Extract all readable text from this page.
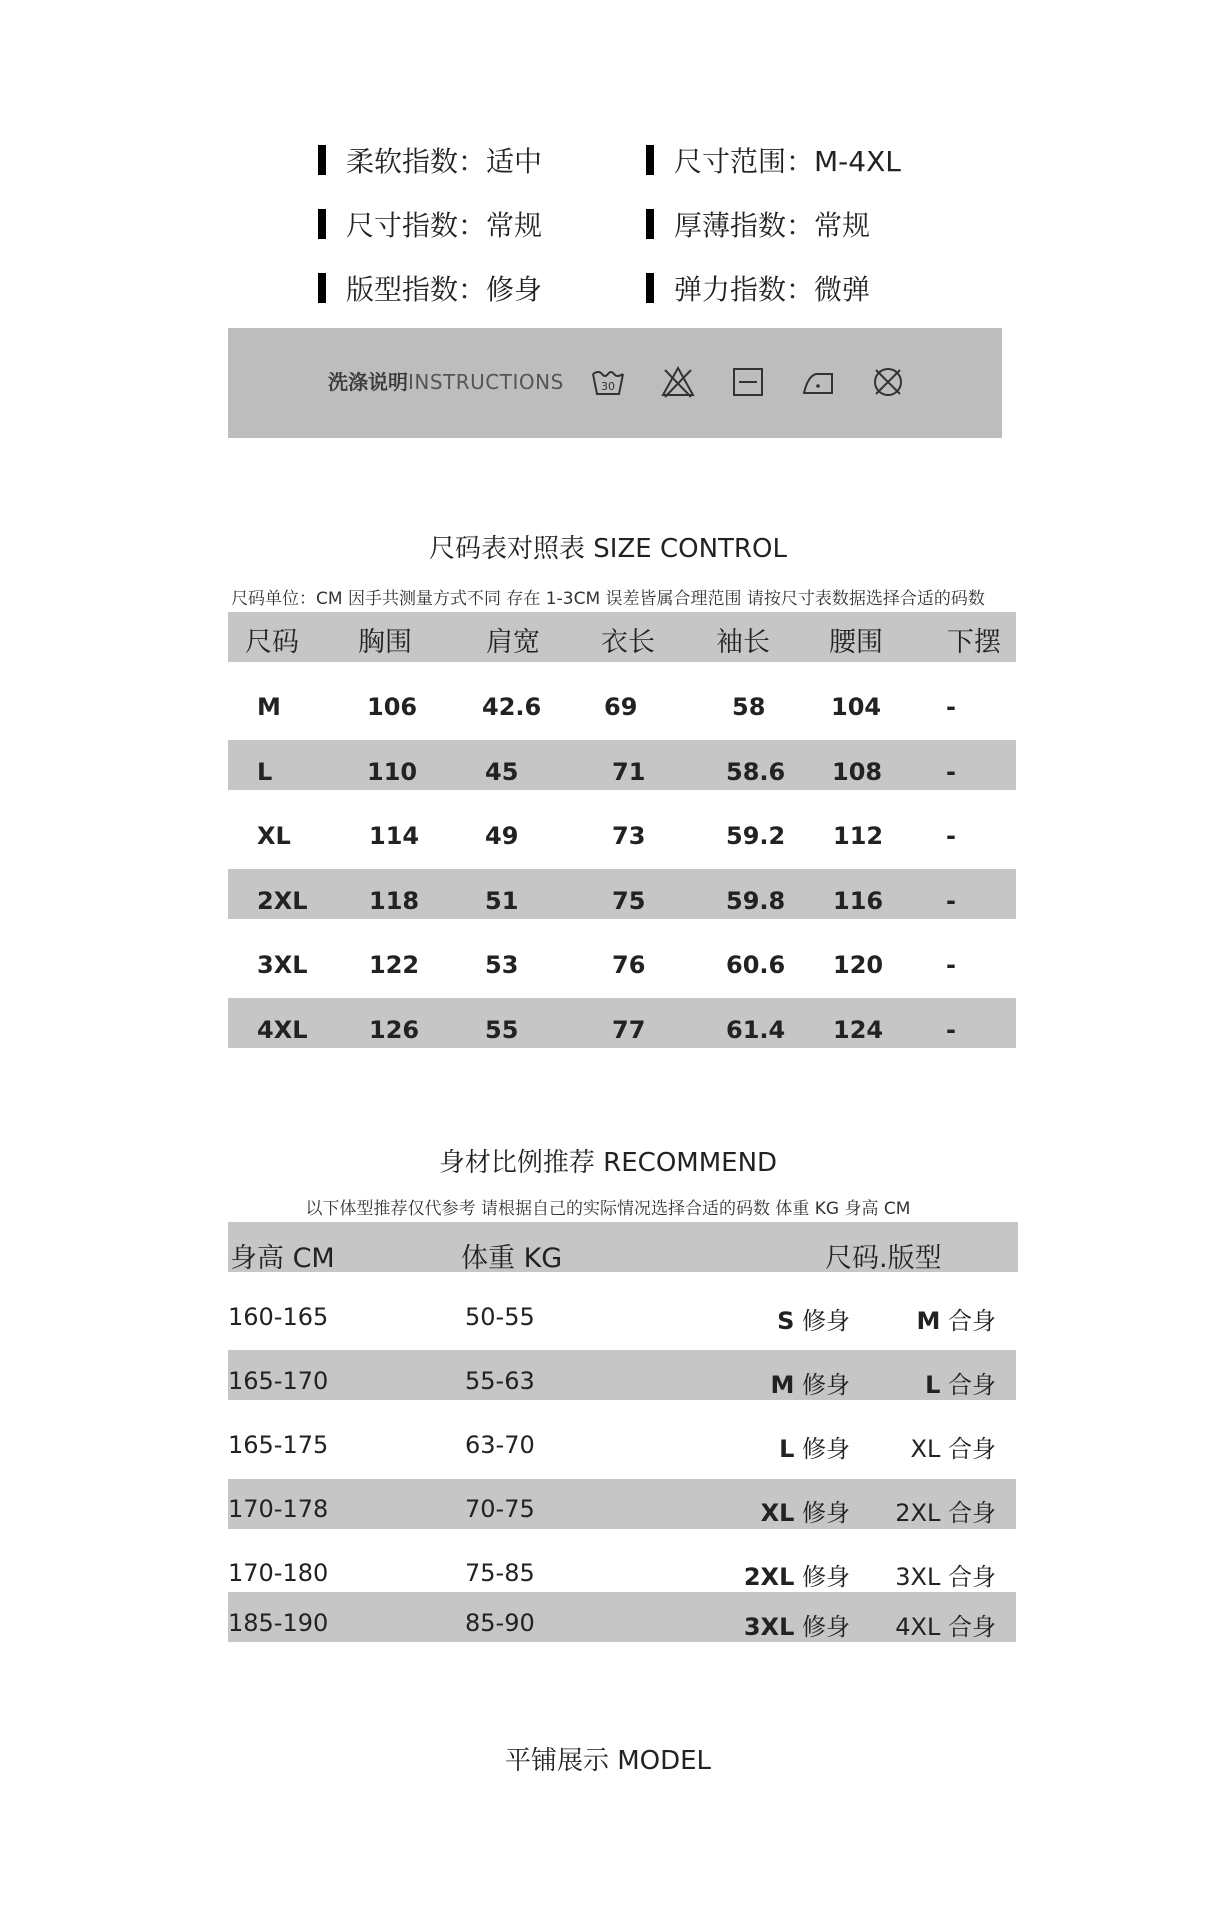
柔软指数：适中	尺寸范围：M-4XL
尺寸指数：常规	厚薄指数：常规
版型指数：修身	弹力指数：微弹
洗涤说明INSTRUCTIONS	30
尺码表对照表 SIZE CONTROL
尺码单位：CM 因手共测量方式不同 存在 1-3CM 误差皆属合理范围 请按尺寸表数据选择合适的码数
尺码 胸围	肩宽 衣长 袖长 腰围 下摆
M	106	42.6	69	58	104	-
L	110	45	71	58.6 108	-
XL	114	49	73	59.2 112	-
2XL	118	51	75	59.8 116	-
3XL	122	53	76	60.6 120	-
4XL	126	55	77	61.4 124	-
身材比例推荐 RECOMMEND
以下体型推荐仅代参考 请根据自己的实际情况选择合适的码数 体重 KG 身高 CM
身高 CM	体重 KG	尺码.版型
160-165	50-55	S 修身	M 合身
165-170	55-63	M 修身	L 合身
165-175	63-70	L 修身	XL 合身
170-178	70-75	XL 修身 2XL 合身
170-180	75-85	2XL 修身 3XL 合身
185-190	85-90	3XL 修身 4XL 合身
平铺展示 MODEL
